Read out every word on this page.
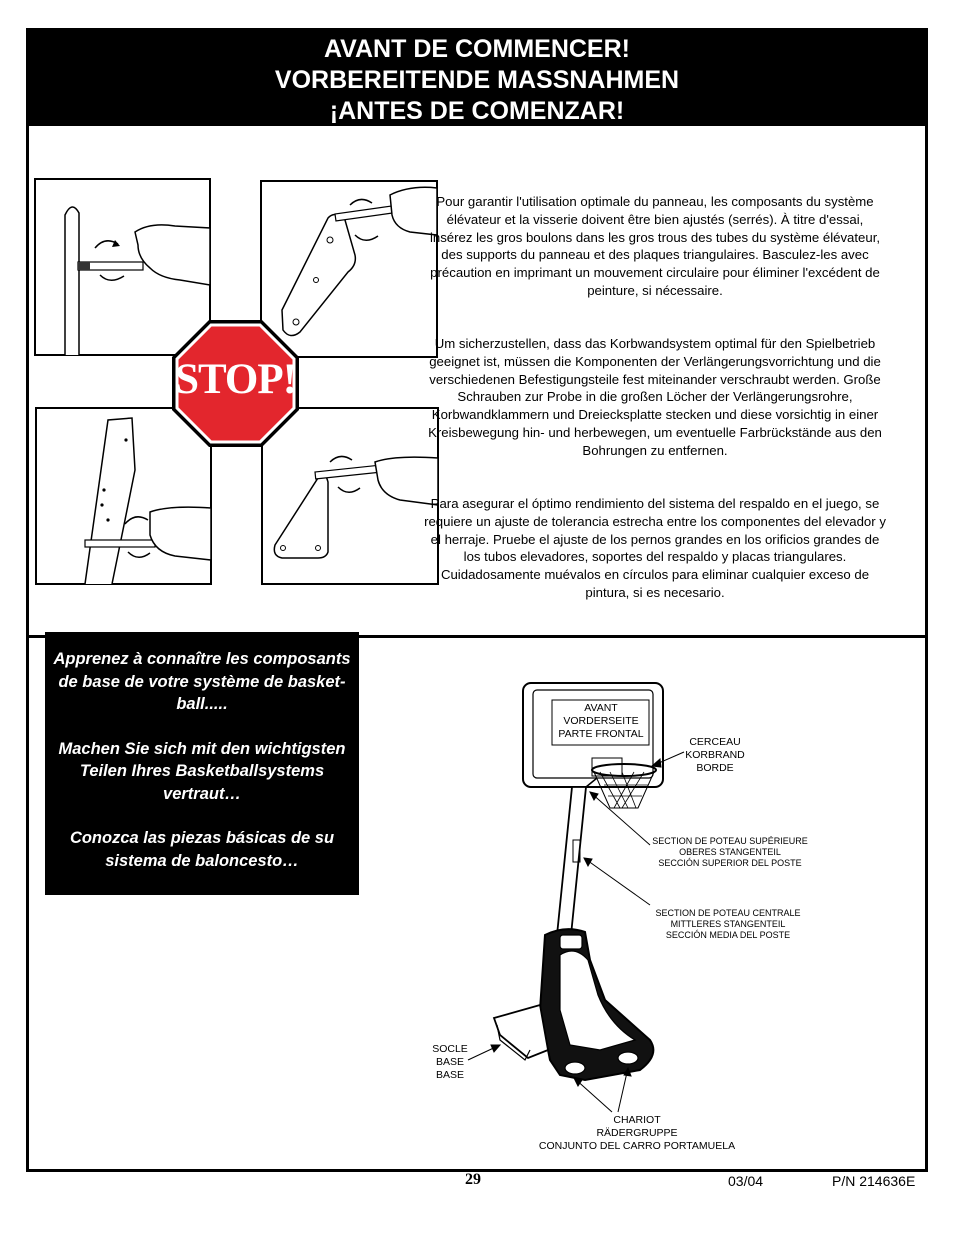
AVANT DE COMMENCER!
VORBEREITENDE MASSNAHMEN
¡ANTES DE COMENZAR!
STOP!

Pour garantir l'utilisation optimale du panneau, les composants du système élévateur et la visserie doivent être bien ajustés (serrés). À titre d'essai, insérez les gros boulons dans les gros trous des tubes du système élévateur, des supports du panneau et des plaques triangulaires. Basculez-les avec précaution en imprimant un mouvement circulaire pour éliminer l'excédent de peinture, si nécessaire.

Um sicherzustellen, dass das Korbwandsystem optimal für den Spielbetrieb geeignet ist, müssen die Komponenten der Verlängerungsvorrichtung und die verschiedenen Befestigungsteile fest miteinander verschraubt werden. Große Schrauben zur Probe in die großen Löcher der Verlängerungsrohre, Korbwandklammern und Dreiecksplatte stecken und diese vorsichtig in einer Kreisbewegung hin- und herbewegen, um eventuelle Farbrückstände aus den Bohrungen zu entfernen.

Para asegurar el óptimo rendimiento del sistema del respaldo en el juego, se requiere un ajuste de tolerancia estrecha entre los componentes del elevador y el herraje. Pruebe el ajuste de los pernos grandes en los orificios grandes de los tubos elevadores, soportes del respaldo y placas triangulares. Cuidadosamente muévalos en círculos para eliminar cualquier exceso de pintura, si es necesario.

Apprenez à connaître les composants de base de votre système de basket-ball.....

Machen Sie sich mit den wichtigsten Teilen Ihres Basketballsystems vertraut…

Conozca las piezas básicas de su sistema de baloncesto…

AVANT
VORDERSEITE
PARTE FRONTAL
CERCEAU
KORBRAND
BORDE
SECTION DE POTEAU SUPÉRIEURE
OBERES STANGENTEIL
SECCIÓN SUPERIOR DEL POSTE
SECTION DE POTEAU CENTRALE
MITTLERES STANGENTEIL
SECCIÓN MEDIA DEL POSTE
SOCLE
BASE
BASE
CHARIOT
RÄDERGRUPPE
CONJUNTO DEL CARRO PORTAMUELA
29	03/04	P/N 214636E
